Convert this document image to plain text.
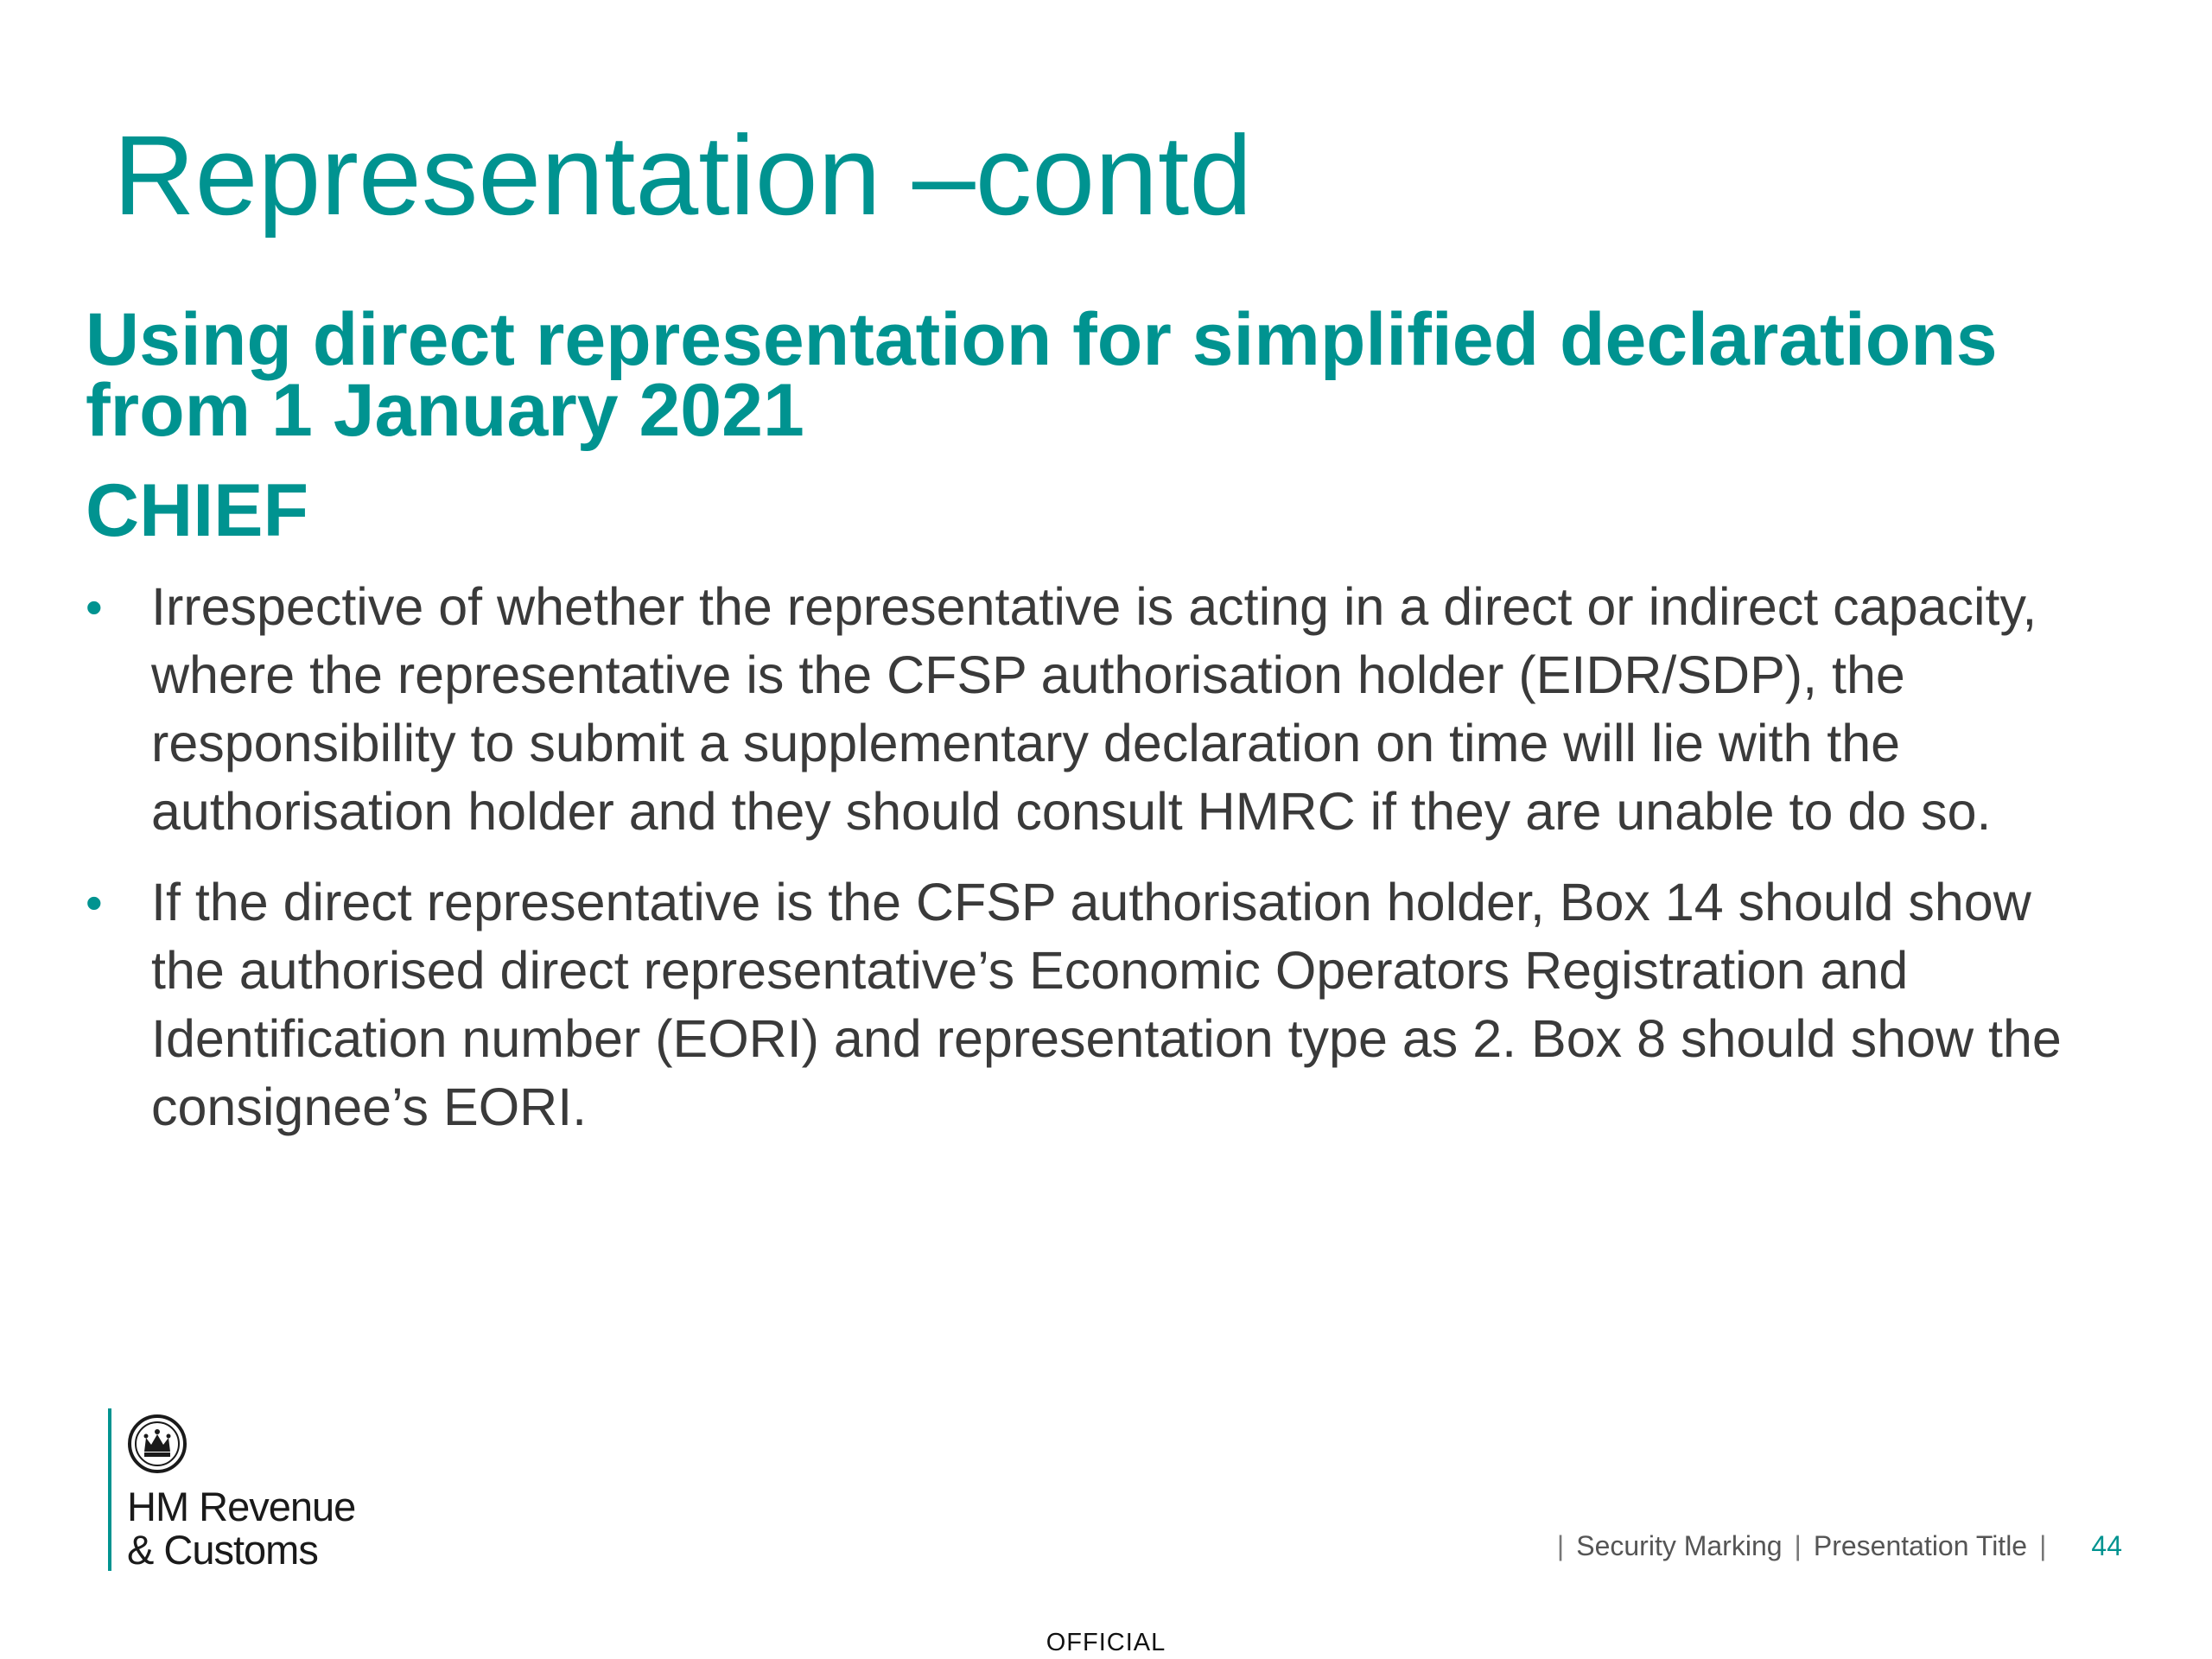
Representation –contd
Using direct representation for simplified declarations from 1 January 2021
CHIEF
• Irrespective of whether the representative is acting in a direct or indirect capacity, where the representative is the CFSP authorisation holder (EIDR/SDP), the responsibility to submit a supplementary declaration on time will lie with the authorisation holder and they should consult HMRC if they are unable to do so.
• If the direct representative is the CFSP authorisation holder, Box 14 should show the authorised direct representative’s Economic Operators Registration and Identification number (EORI) and representation type as 2. Box 8 should show the consignee’s EORI.
HM Revenue
& Customs	| Security Marking | Presentation Title | 44
OFFICIAL
